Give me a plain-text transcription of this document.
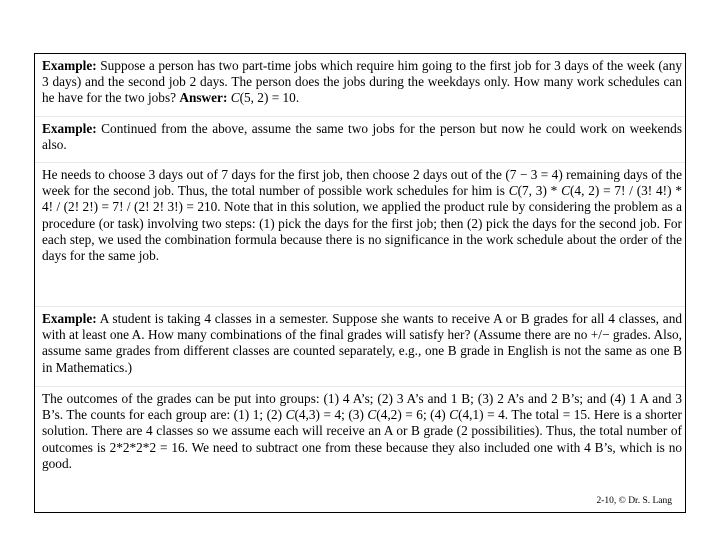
Example: Suppose a person has two part-time jobs which require him going to the first job for 3 days of the week (any 3 days) and the second job 2 days. The person does the jobs during the weekdays only. How many work schedules can he have for the two jobs? Answer: C(5, 2) = 10.

Example: Continued from the above, assume the same two jobs for the person but now he could work on weekends also.

He needs to choose 3 days out of 7 days for the first job, then choose 2 days out of the (7 − 3 = 4) remaining days of the week for the second job. Thus, the total number of possible work schedules for him is C(7, 3) * C(4, 2) = 7! / (3! 4!) * 4! / (2! 2!) = 7! / (2! 2! 3!) = 210. Note that in this solution, we applied the product rule by considering the problem as a procedure (or task) involving two steps: (1) pick the days for the first job; then (2) pick the days for the second job. For each step, we used the combination formula because there is no significance in the work schedule about the order of the days for the same job.

Example: A student is taking 4 classes in a semester. Suppose she wants to receive A or B grades for all 4 classes, and with at least one A. How many combinations of the final grades will satisfy her? (Assume there are no +/− grades. Also, assume same grades from different classes are counted separately, e.g., one B grade in English is not the same as one B in Mathematics.)

The outcomes of the grades can be put into groups: (1) 4 A’s; (2) 3 A’s and 1 B; (3) 2 A’s and 2 B’s; and (4) 1 A and 3 B’s. The counts for each group are: (1) 1; (2) C(4,3) = 4; (3) C(4,2) = 6; (4) C(4,1) = 4. The total = 15. Here is a shorter solution. There are 4 classes so we assume each will receive an A or B grade (2 possibilities). Thus, the total number of outcomes is 2*2*2*2 = 16. We need to subtract one from these because they also included one with 4 B’s, which is no good.

2-10, © Dr. S. Lang
